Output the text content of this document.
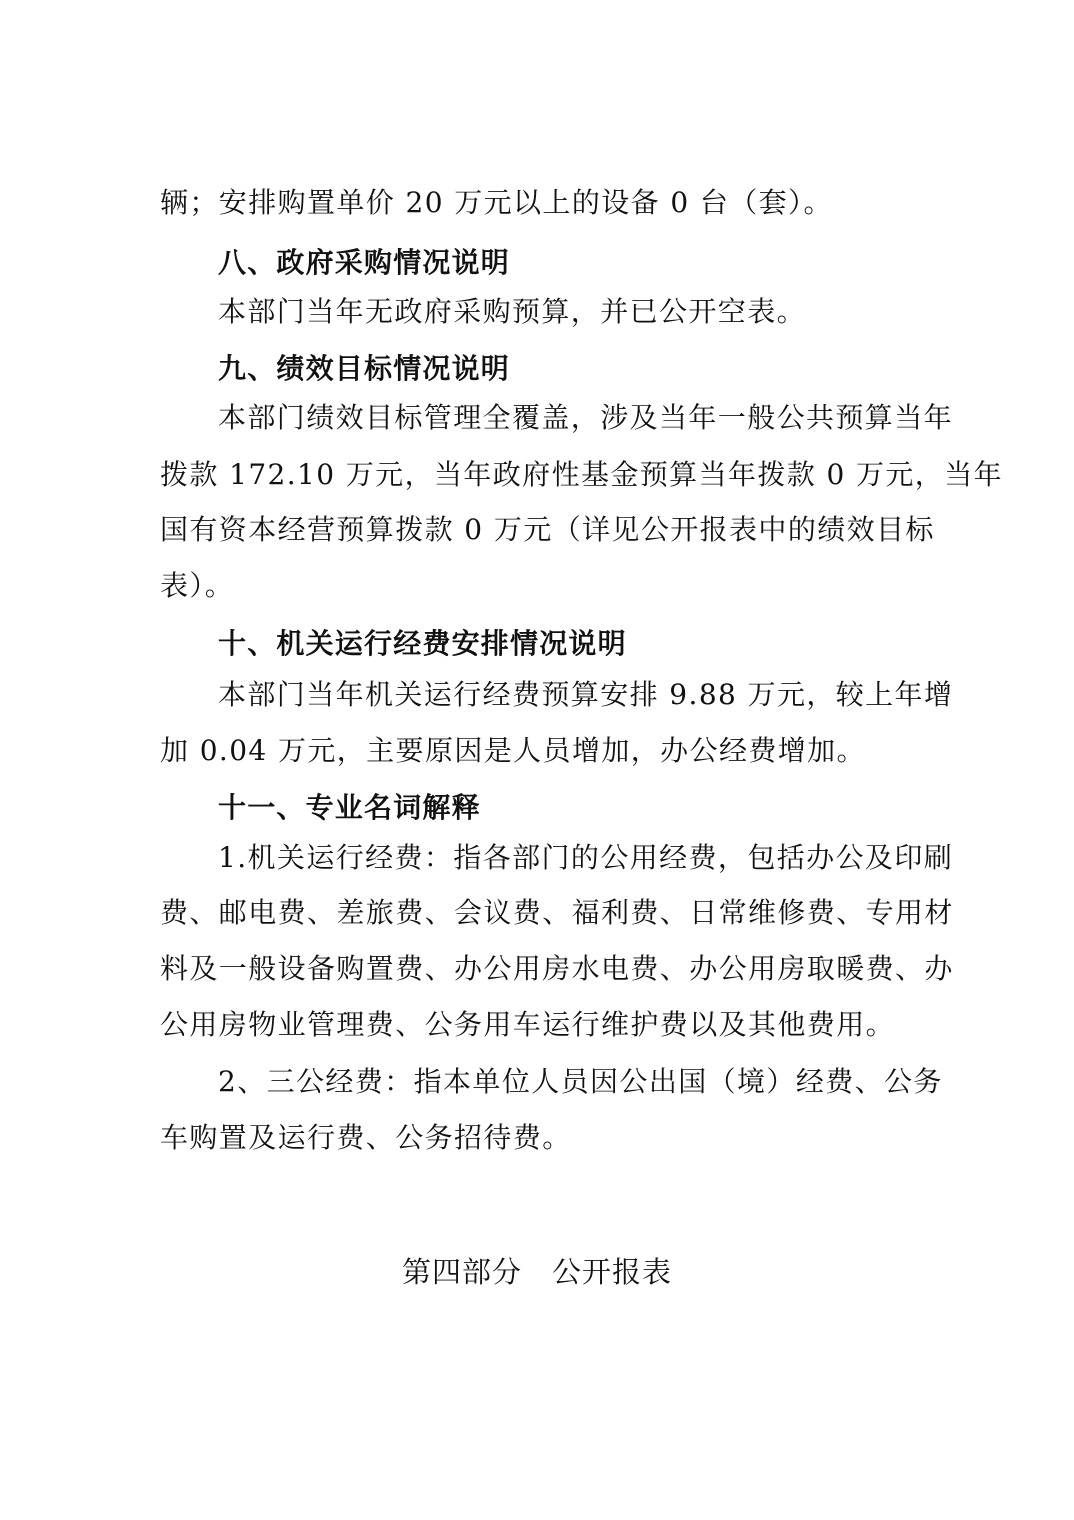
辆；安排购置单价 20 万元以上的设备 0 台（套）。
八、政府采购情况说明
本部门当年无政府采购预算，并已公开空表。
九、绩效目标情况说明
本部门绩效目标管理全覆盖，涉及当年一般公共预算当年
拨款 172.10 万元，当年政府性基金预算当年拨款 0 万元，当年
国有资本经营预算拨款 0 万元（详见公开报表中的绩效目标
表）。
十、机关运行经费安排情况说明
本部门当年机关运行经费预算安排 9.88 万元，较上年增
加 0.04 万元，主要原因是人员增加，办公经费增加。
十一、专业名词解释
1.机关运行经费：指各部门的公用经费，包括办公及印刷
费、邮电费、差旅费、会议费、福利费、日常维修费、专用材
料及一般设备购置费、办公用房水电费、办公用房取暖费、办
公用房物业管理费、公务用车运行维护费以及其他费用。
2、三公经费：指本单位人员因公出国（境）经费、公务
车购置及运行费、公务招待费。
第四部分　公开报表
